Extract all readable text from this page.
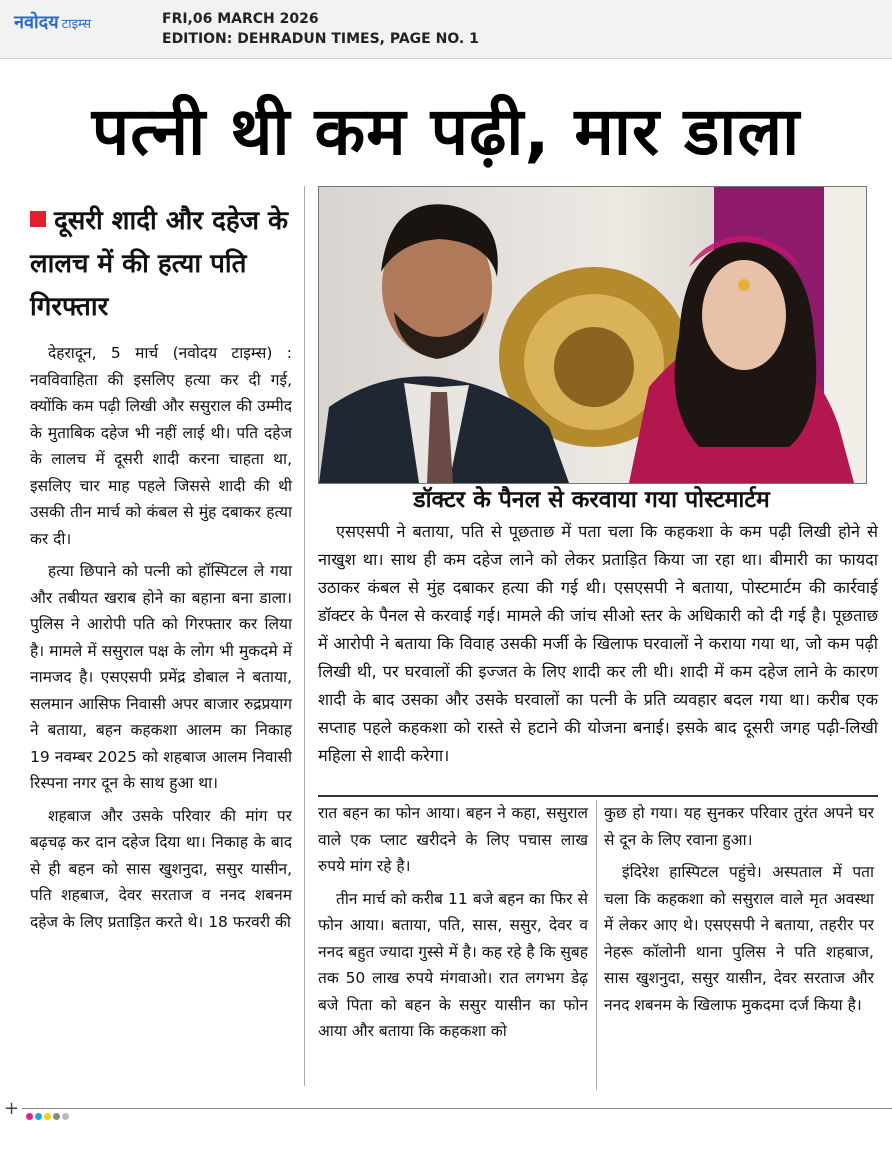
नवोदय टाइम्स	FRI,06 MARCH 2026
EDITION: DEHRADUN TIMES, PAGE NO. 1
पत्नी थी कम पढ़ी, मार डाला
दूसरी शादी और दहेज के लालच में की हत्या पति गिरफ्तार

देहरादून, 5 मार्च (नवोदय टाइम्स) : नवविवाहिता की इसलिए हत्या कर दी गई, क्योंकि कम पढ़ी लिखी और ससुराल की उम्मीद के मुताबिक दहेज भी नहीं लाई थी। पति दहेज के लालच में दूसरी शादी करना चाहता था, इसलिए चार माह पहले जिससे शादी की थी उसकी तीन मार्च को कंबल से मुंह दबाकर हत्या कर दी।

हत्या छिपाने को पत्नी को हॉस्पिटल ले गया और तबीयत खराब होने का बहाना बना डाला। पुलिस ने आरोपी पति को गिरफ्तार कर लिया है। मामले में ससुराल पक्ष के लोग भी मुकदमे में नामजद है। एसएसपी प्रमेंद्र डोबाल ने बताया, सलमान आसिफ निवासी अपर बाजार रुद्रप्रयाग ने बताया, बहन कहकशा आलम का निकाह 19 नवम्बर 2025 को शहबाज आलम निवासी रिस्पना नगर दून के साथ हुआ था।

शहबाज और उसके परिवार की मांग पर बढ़चढ़ कर दान दहेज दिया था। निकाह के बाद से ही बहन को सास खुशनुदा, ससुर यासीन, पति शहबाज, देवर सरताज व ननद शबनम दहेज के लिए प्रताड़ित करते थे। 18 फरवरी की

डॉक्टर के पैनल से करवाया गया पोस्टमार्टम

एसएसपी ने बताया, पति से पूछताछ में पता चला कि कहकशा के कम पढ़ी लिखी होने से नाखुश था। साथ ही कम दहेज लाने को लेकर प्रताड़ित किया जा रहा था। बीमारी का फायदा उठाकर कंबल से मुंह दबाकर हत्या की गई थी। एसएसपी ने बताया, पोस्टमार्टम की कार्रवाई डॉक्टर के पैनल से करवाई गई। मामले की जांच सीओ स्तर के अधिकारी को दी गई है। पूछताछ में आरोपी ने बताया कि विवाह उसकी मर्जी के खिलाफ घरवालों ने कराया गया था, जो कम पढ़ी लिखी थी, पर घरवालों की इज्जत के लिए शादी कर ली थी। शादी में कम दहेज लाने के कारण शादी के बाद उसका और उसके घरवालों का पत्नी के प्रति व्यवहार बदल गया था। करीब एक सप्ताह पहले कहकशा को रास्ते से हटाने की योजना बनाई। इसके बाद दूसरी जगह पढ़ी-लिखी महिला से शादी करेगा।

रात बहन का फोन आया। बहन ने कहा, ससुराल वाले एक प्लाट खरीदने के लिए पचास लाख रुपये मांग रहे है।

तीन मार्च को करीब 11 बजे बहन का फिर से फोन आया। बताया, पति, सास, ससुर, देवर व ननद बहुत ज्यादा गुस्से में है। कह रहे है कि सुबह तक 50 लाख रुपये मंगवाओ। रात लगभग डेढ़ बजे पिता को बहन के ससुर यासीन का फोन आया और बताया कि कहकशा को

कुछ हो गया। यह सुनकर परिवार तुरंत अपने घर से दून के लिए रवाना हुआ।

इंदिरेश हास्पिटल पहुंचे। अस्पताल में पता चला कि कहकशा को ससुराल वाले मृत अवस्था में लेकर आए थे। एसएसपी ने बताया, तहरीर पर नेहरू कॉलोनी थाना पुलिस ने पति शहबाज, सास खुशनुदा, ससुर यासीन, देवर सरताज और ननद शबनम के खिलाफ मुकदमा दर्ज किया है।

+
